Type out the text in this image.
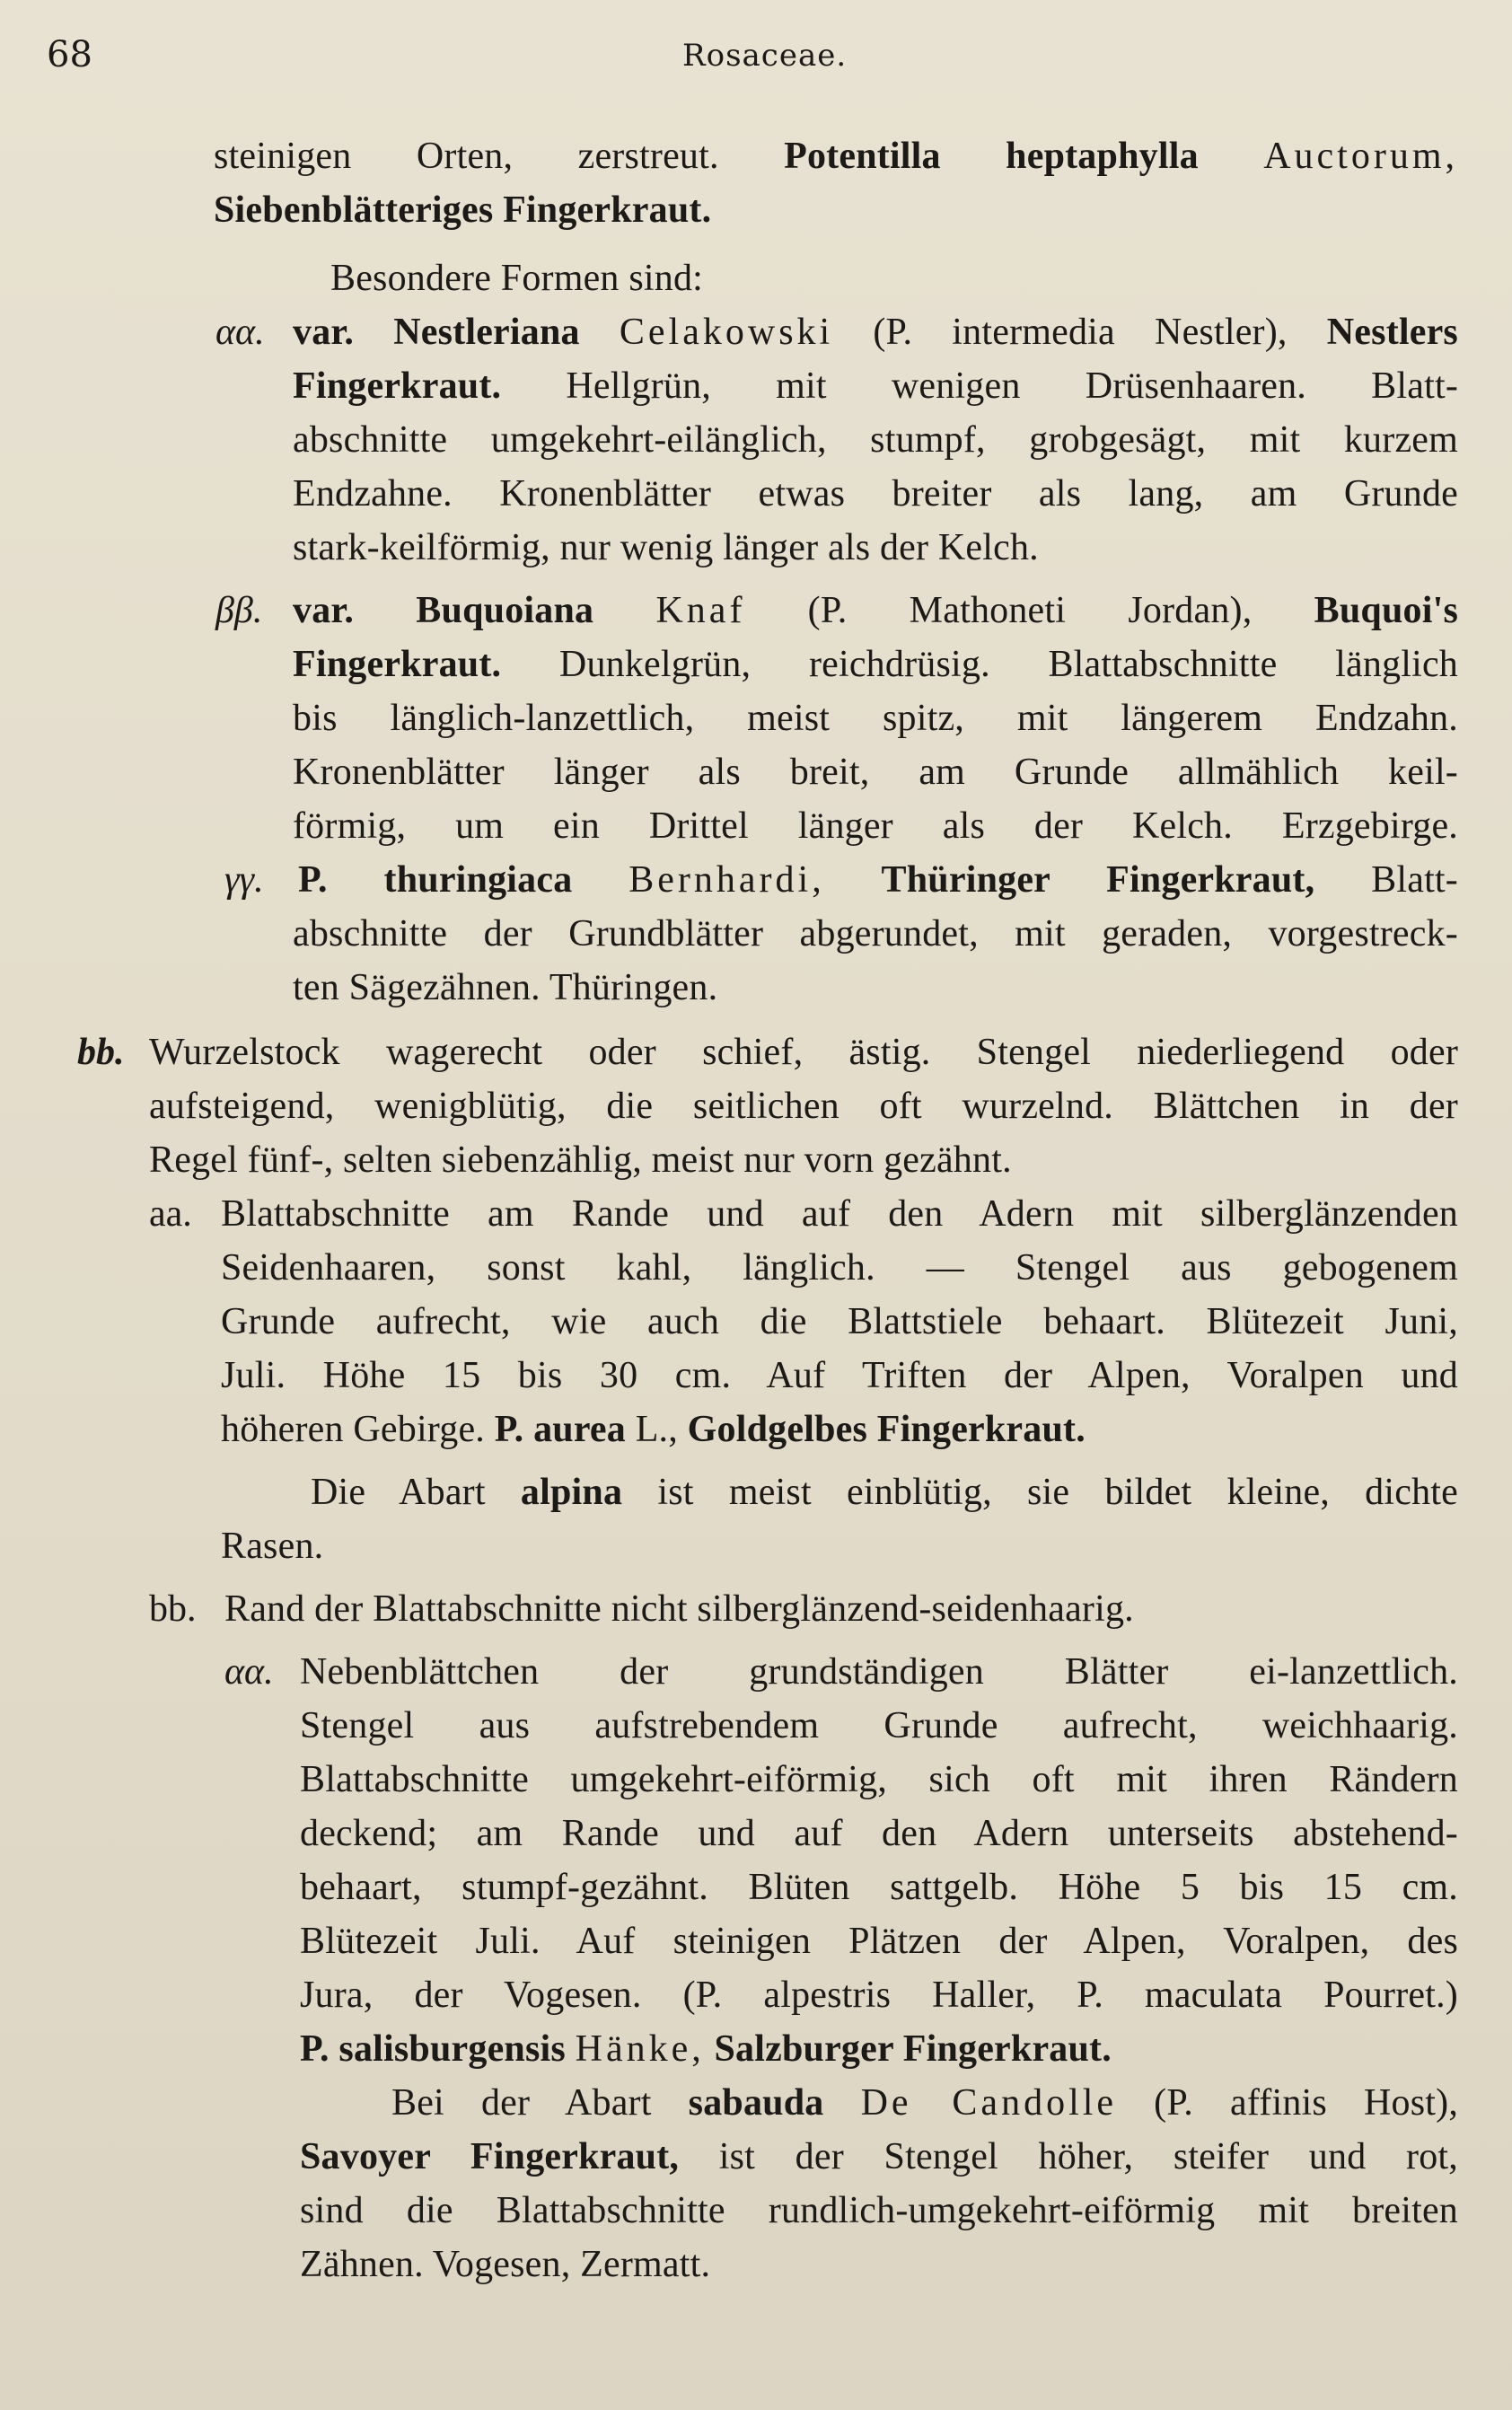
68	Rosaceae.
steinigen Orten, zerstreut. Potentilla heptaphylla Auctorum,
Siebenblätteriges Fingerkraut.
Besondere Formen sind:
αα. var. Nestleriana Celakowski (P. intermedia Nestler), Nestlers
Fingerkraut. Hellgrün, mit wenigen Drüsenhaaren. Blatt-
abschnitte umgekehrt-eilänglich, stumpf, grobgesägt, mit kurzem
Endzahne. Kronenblätter etwas breiter als lang, am Grunde
stark-keilförmig, nur wenig länger als der Kelch.
ββ. var. Buquoiana Knaf (P. Mathoneti Jordan), Buquoi's
Fingerkraut. Dunkelgrün, reichdrüsig. Blattabschnitte länglich
bis länglich-lanzettlich, meist spitz, mit längerem Endzahn.
Kronenblätter länger als breit, am Grunde allmählich keil-
förmig, um ein Drittel länger als der Kelch. Erzgebirge.
γγ. P. thuringiaca Bernhardi, Thüringer Fingerkraut, Blatt-
abschnitte der Grundblätter abgerundet, mit geraden, vorgestreck-
ten Sägezähnen. Thüringen.
bb. Wurzelstock wagerecht oder schief, ästig. Stengel niederliegend oder
aufsteigend, wenigblütig, die seitlichen oft wurzelnd. Blättchen in der
Regel fünf-, selten siebenzählig, meist nur vorn gezähnt.
aa. Blattabschnitte am Rande und auf den Adern mit silberglänzenden
Seidenhaaren, sonst kahl, länglich. — Stengel aus gebogenem
Grunde aufrecht, wie auch die Blattstiele behaart. Blütezeit Juni,
Juli. Höhe 15 bis 30 cm. Auf Triften der Alpen, Voralpen und
höheren Gebirge. P. aurea L., Goldgelbes Fingerkraut.
Die Abart alpina ist meist einblütig, sie bildet kleine, dichte
Rasen.
bb. Rand der Blattabschnitte nicht silberglänzend-seidenhaarig.
αα. Nebenblättchen der grundständigen Blätter ei-lanzettlich.
Stengel aus aufstrebendem Grunde aufrecht, weichhaarig.
Blattabschnitte umgekehrt-eiförmig, sich oft mit ihren Rändern
deckend; am Rande und auf den Adern unterseits abstehend-
behaart, stumpf-gezähnt. Blüten sattgelb. Höhe 5 bis 15 cm.
Blütezeit Juli. Auf steinigen Plätzen der Alpen, Voralpen, des
Jura, der Vogesen. (P. alpestris Haller, P. maculata Pourret.)
P. salisburgensis Hänke, Salzburger Fingerkraut.
Bei der Abart sabauda De Candolle (P. affinis Host),
Savoyer Fingerkraut, ist der Stengel höher, steifer und rot,
sind die Blattabschnitte rundlich-umgekehrt-eiförmig mit breiten
Zähnen. Vogesen, Zermatt.
